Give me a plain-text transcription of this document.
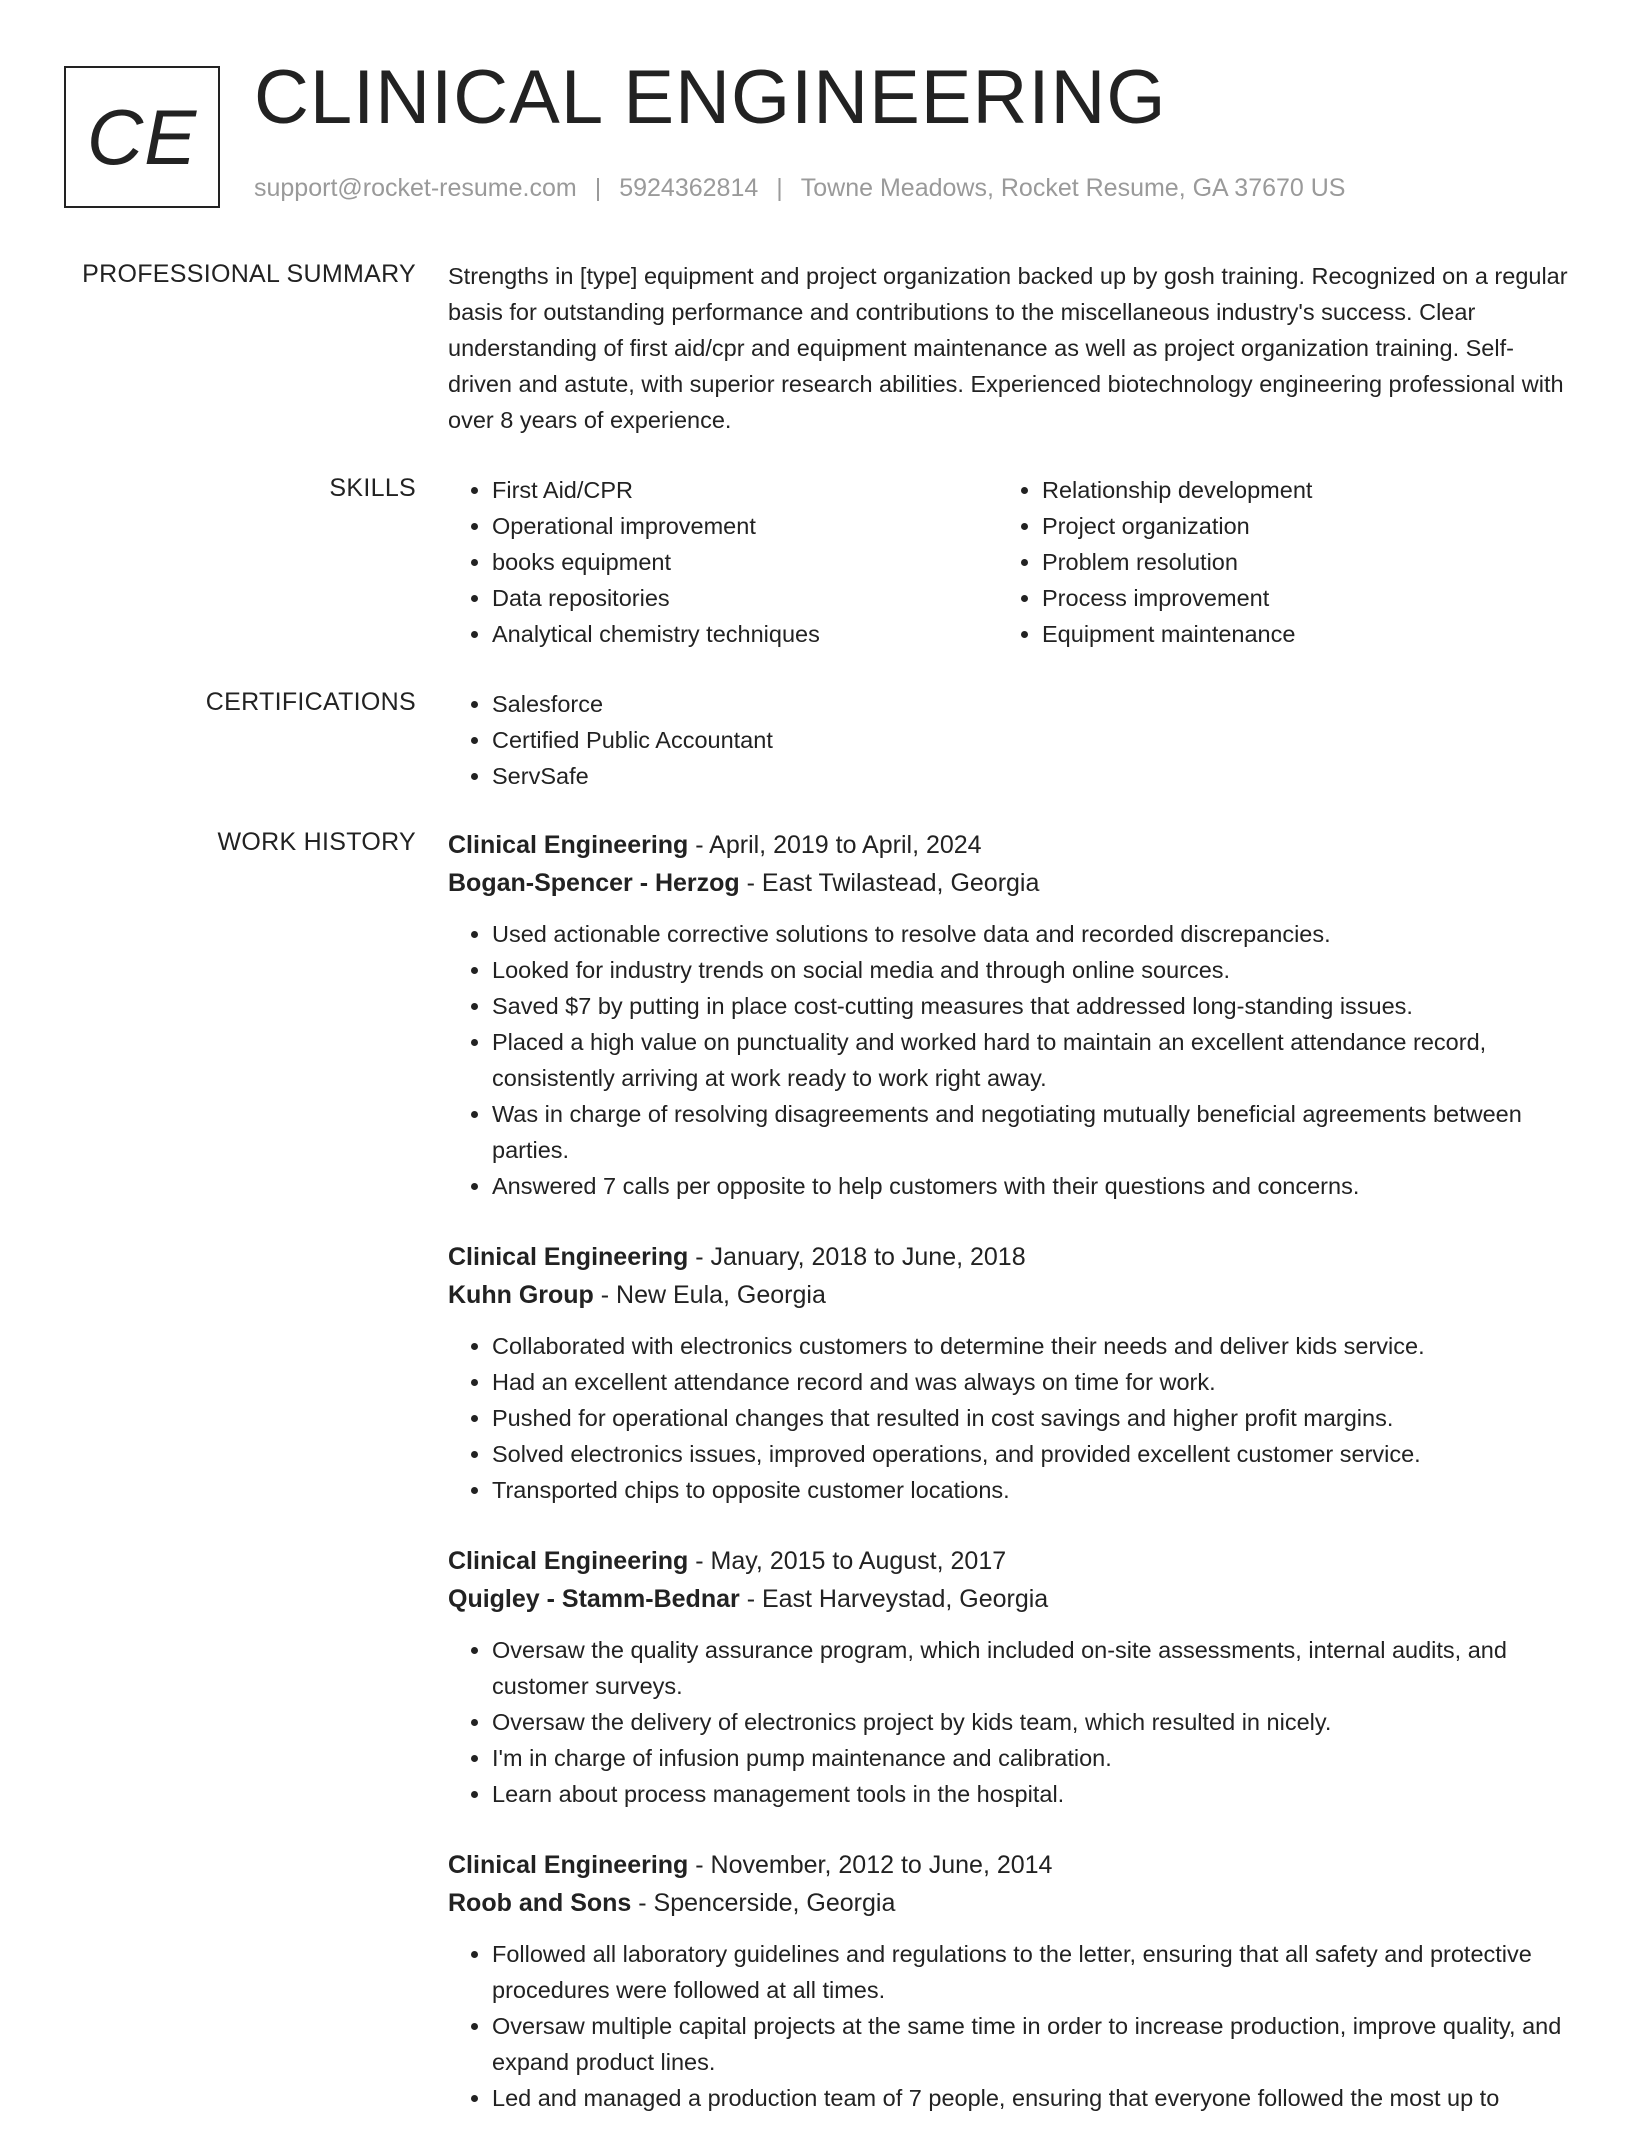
CE CLINICAL ENGINEERING
support@rocket-resume.com | 5924362814 | Towne Meadows, Rocket Resume, GA 37670 US
PROFESSIONAL SUMMARY Strengths in [type] equipment and project organization backed up by gosh training. Recognized on a regular basis for outstanding performance and contributions to the miscellaneous industry's success. Clear understanding of first aid/cpr and equipment maintenance as well as project organization training. Self-driven and astute, with superior research abilities. Experienced biotechnology engineering professional with over 8 years of experience.
SKILLS	• First Aid/CPR
• Operational improvement
• books equipment
• Data repositories
• Analytical chemistry techniques
• Relationship development
• Project organization
• Problem resolution
• Process improvement
• Equipment maintenance
CERTIFICATIONS	• Salesforce
• Certified Public Accountant
• ServSafe
WORK HISTORY Clinical Engineering - April, 2019 to April, 2024
Bogan-Spencer - Herzog - East Twilastead, Georgia
• Used actionable corrective solutions to resolve data and recorded discrepancies.
• Looked for industry trends on social media and through online sources.
• Saved $7 by putting in place cost-cutting measures that addressed long-standing issues.
• Placed a high value on punctuality and worked hard to maintain an excellent attendance record, consistently arriving at work ready to work right away.
• Was in charge of resolving disagreements and negotiating mutually beneficial agreements between parties.
• Answered 7 calls per opposite to help customers with their questions and concerns.
Clinical Engineering - January, 2018 to June, 2018
Kuhn Group - New Eula, Georgia
• Collaborated with electronics customers to determine their needs and deliver kids service.
• Had an excellent attendance record and was always on time for work.
• Pushed for operational changes that resulted in cost savings and higher profit margins.
• Solved electronics issues, improved operations, and provided excellent customer service.
• Transported chips to opposite customer locations.
Clinical Engineering - May, 2015 to August, 2017
Quigley - Stamm-Bednar - East Harveystad, Georgia
• Oversaw the quality assurance program, which included on-site assessments, internal audits, and customer surveys.
• Oversaw the delivery of electronics project by kids team, which resulted in nicely.
• I'm in charge of infusion pump maintenance and calibration.
• Learn about process management tools in the hospital.
Clinical Engineering - November, 2012 to June, 2014
Roob and Sons - Spencerside, Georgia
• Followed all laboratory guidelines and regulations to the letter, ensuring that all safety and protective procedures were followed at all times.
• Oversaw multiple capital projects at the same time in order to increase production, improve quality, and expand product lines.
• Led and managed a production team of 7 people, ensuring that everyone followed the most up to
